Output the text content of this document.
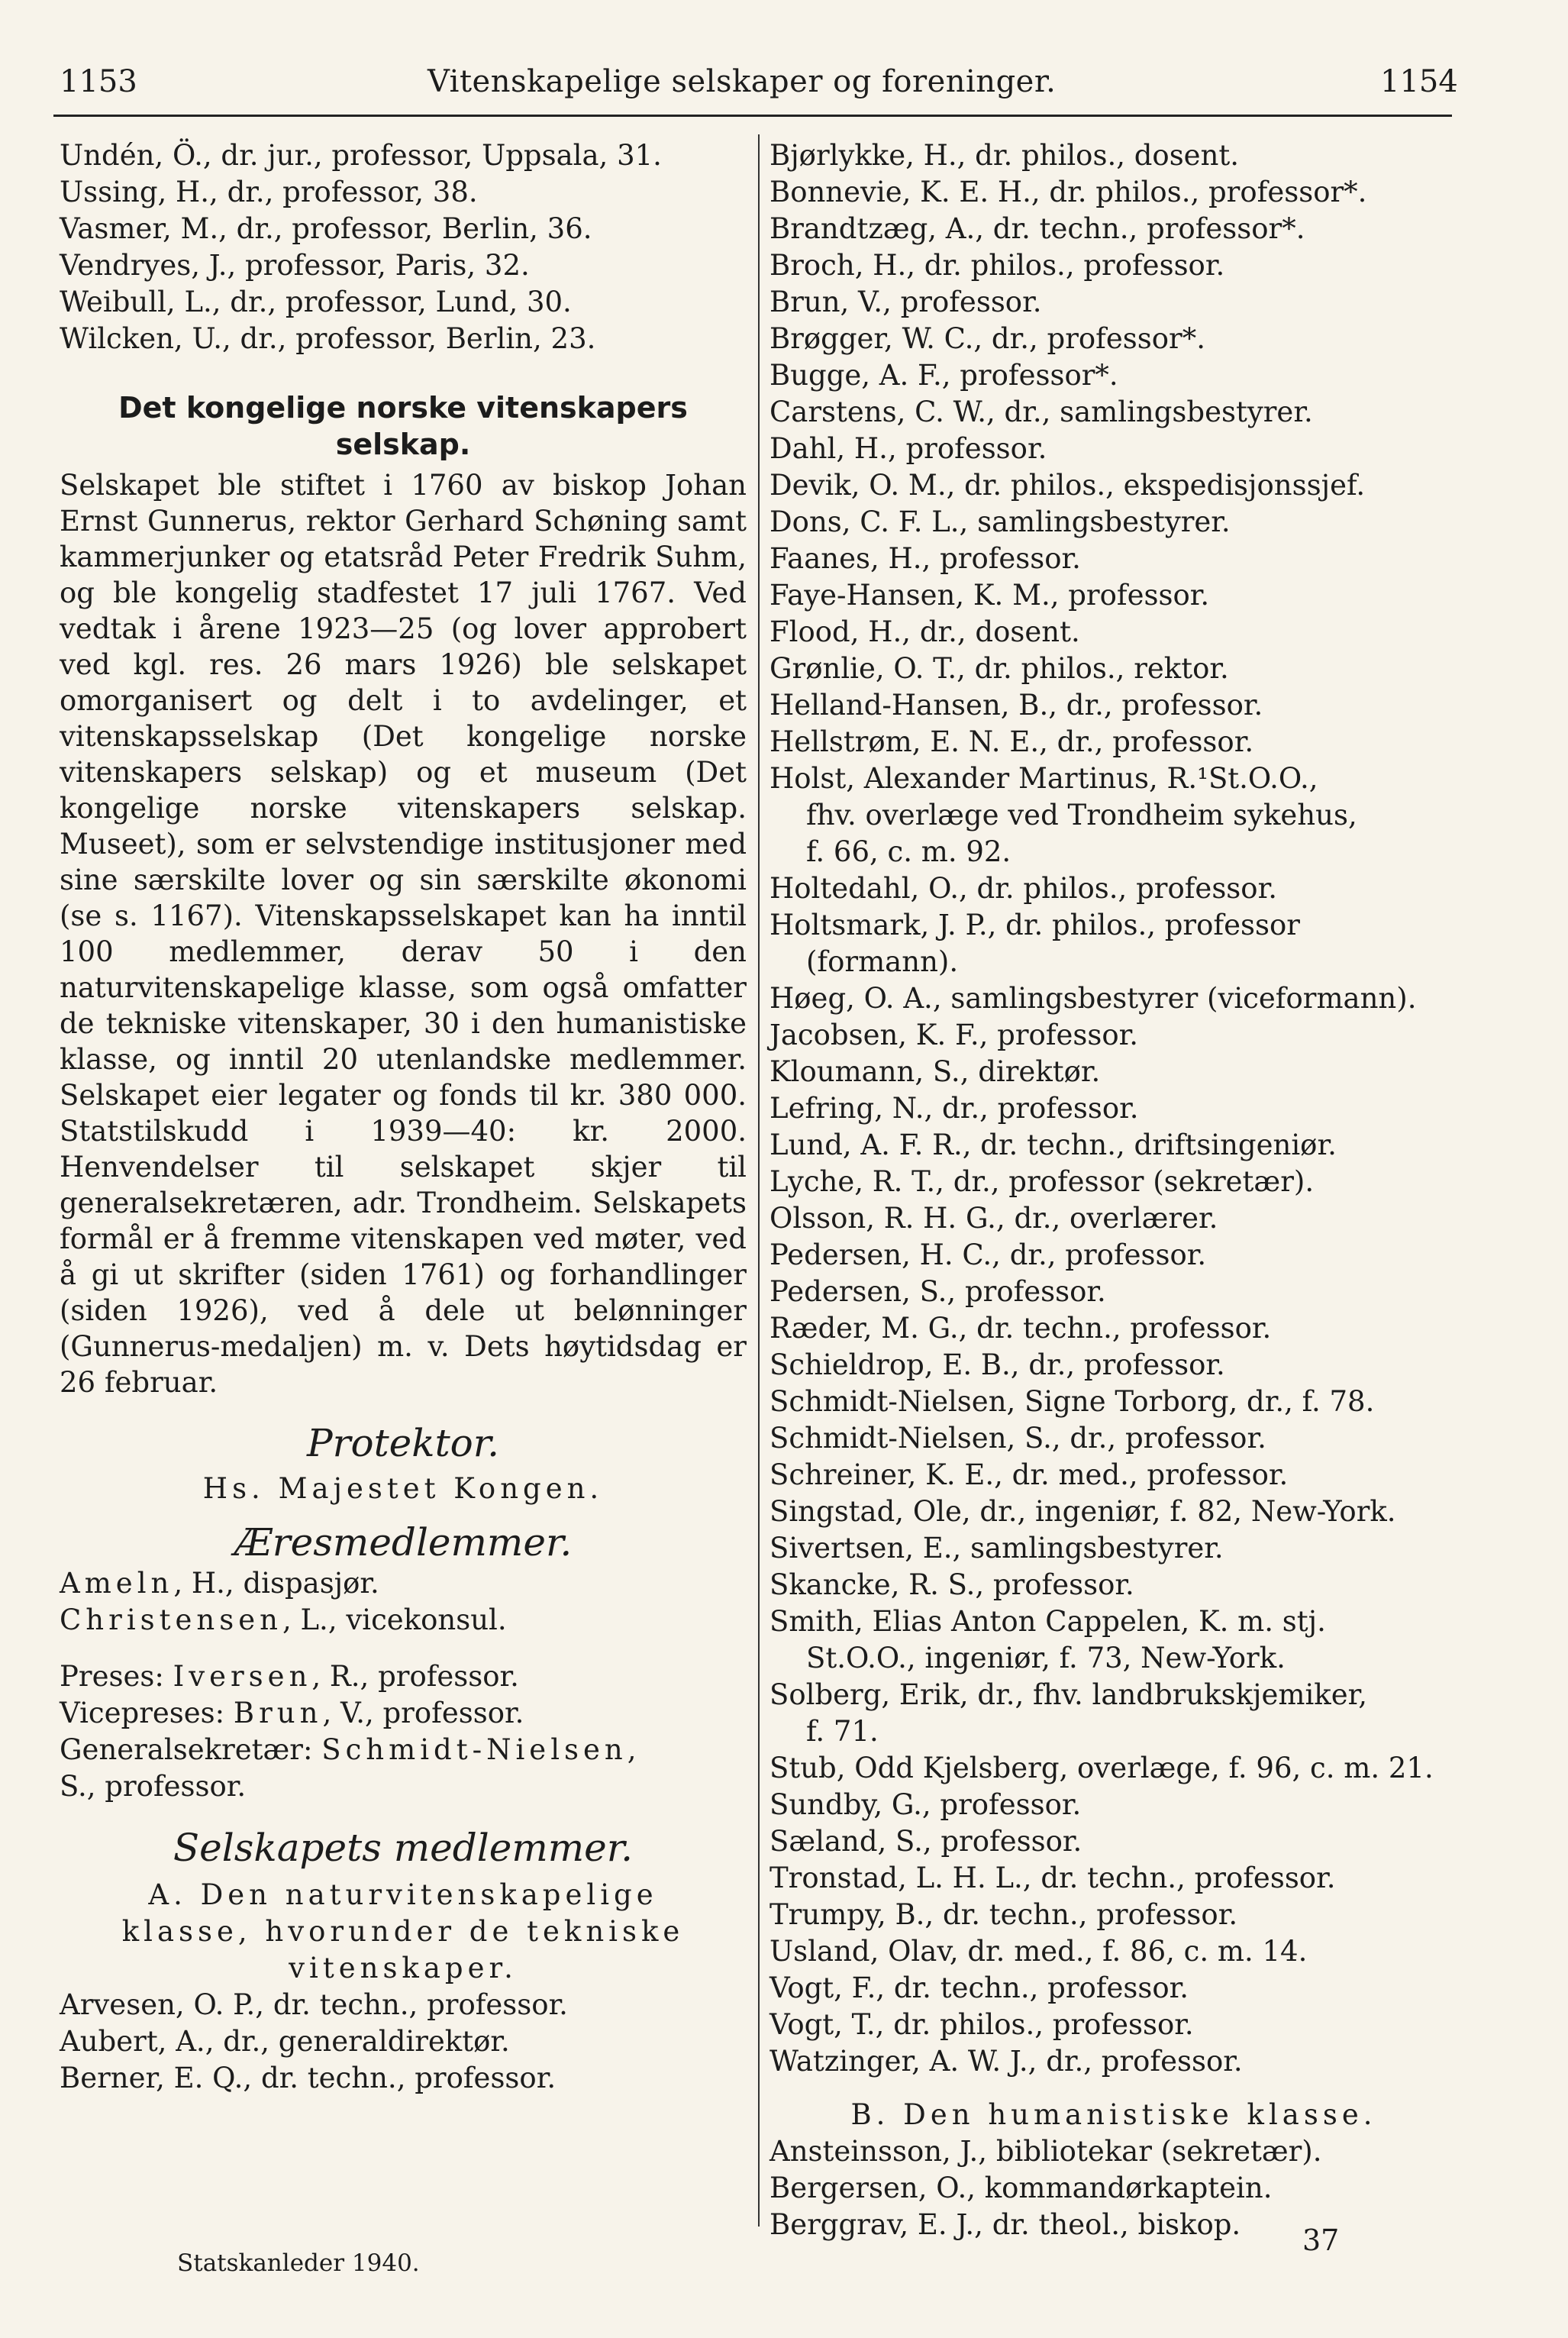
1153	Vitenskapelige selskaper og foreninger.	1154
Undén, Ö., dr. jur., professor, Uppsala, 31.
Ussing, H., dr., professor, 38.
Vasmer, M., dr., professor, Berlin, 36.
Vendryes, J., professor, Paris, 32.
Weibull, L., dr., professor, Lund, 30.
Wilcken, U., dr., professor, Berlin, 23.
Det kongelige norske vitenskapers selskap.
Selskapet ble stiftet i 1760 av biskop Johan Ernst Gunnerus, rektor Gerhard Schøning samt kammerjunker og etatsråd Peter Fredrik Suhm, og ble kongelig stadfestet 17 juli 1767. Ved vedtak i årene 1923—25 (og lover approbert ved kgl. res. 26 mars 1926) ble selskapet omorganisert og delt i to avdelinger, et vitenskapsselskap (Det kongelige norske vitenskapers selskap) og et museum (Det kongelige norske vitenskapers selskap. Museet), som er selvstendige institusjoner med sine særskilte lover og sin særskilte økonomi (se s. 1167). Vitenskapsselskapet kan ha inntil 100 medlemmer, derav 50 i den naturvitenskapelige klasse, som også omfatter de tekniske vitenskaper, 30 i den humanistiske klasse, og inntil 20 utenlandske medlemmer. Selskapet eier legater og fonds til kr. 380 000. Statstilskudd i 1939—40: kr. 2000. Henvendelser til selskapet skjer til generalsekretæren, adr. Trondheim. Selskapets formål er å fremme vitenskapen ved møter, ved å gi ut skrifter (siden 1761) og forhandlinger (siden 1926), ved å dele ut belønninger (Gunnerus-medaljen) m. v. Dets høytidsdag er 26 februar.
Protektor.
Hs. Majestet Kongen.
Æresmedlemmer.
Ameln, H., dispasjør.
Christensen, L., vicekonsul.
Preses: Iversen, R., professor.
Vicepreses: Brun, V., professor.
Generalsekretær: Schmidt-Nielsen,
S., professor.
Selskapets medlemmer.
A. Den naturvitenskapelige
klasse, hvorunder de tekniske
vitenskaper.
Arvesen, O. P., dr. techn., professor.
Aubert, A., dr., generaldirektør.
Berner, E. Q., dr. techn., professor.
Bjørlykke, H., dr. philos., dosent.
Bonnevie, K. E. H., dr. philos., professor*.
Brandtzæg, A., dr. techn., professor*.
Broch, H., dr. philos., professor.
Brun, V., professor.
Brøgger, W. C., dr., professor*.
Bugge, A. F., professor*.
Carstens, C. W., dr., samlingsbestyrer.
Dahl, H., professor.
Devik, O. M., dr. philos., ekspedisjonssjef.
Dons, C. F. L., samlingsbestyrer.
Faanes, H., professor.
Faye-Hansen, K. M., professor.
Flood, H., dr., dosent.
Grønlie, O. T., dr. philos., rektor.
Helland-Hansen, B., dr., professor.
Hellstrøm, E. N. E., dr., professor.
Holst, Alexander Martinus, R.¹St.O.O.,
fhv. overlæge ved Trondheim sykehus,
f. 66, c. m. 92.
Holtedahl, O., dr. philos., professor.
Holtsmark, J. P., dr. philos., professor
(formann).
Høeg, O. A., samlingsbestyrer (viceformann).
Jacobsen, K. F., professor.
Kloumann, S., direktør.
Lefring, N., dr., professor.
Lund, A. F. R., dr. techn., driftsingeniør.
Lyche, R. T., dr., professor (sekretær).
Olsson, R. H. G., dr., overlærer.
Pedersen, H. C., dr., professor.
Pedersen, S., professor.
Ræder, M. G., dr. techn., professor.
Schieldrop, E. B., dr., professor.
Schmidt-Nielsen, Signe Torborg, dr., f. 78.
Schmidt-Nielsen, S., dr., professor.
Schreiner, K. E., dr. med., professor.
Singstad, Ole, dr., ingeniør, f. 82, New-York.
Sivertsen, E., samlingsbestyrer.
Skancke, R. S., professor.
Smith, Elias Anton Cappelen, K. m. stj.
St.O.O., ingeniør, f. 73, New-York.
Solberg, Erik, dr., fhv. landbrukskjemiker,
f. 71.
Stub, Odd Kjelsberg, overlæge, f. 96, c. m. 21.
Sundby, G., professor.
Sæland, S., professor.
Tronstad, L. H. L., dr. techn., professor.
Trumpy, B., dr. techn., professor.
Usland, Olav, dr. med., f. 86, c. m. 14.
Vogt, F., dr. techn., professor.
Vogt, T., dr. philos., professor.
Watzinger, A. W. J., dr., professor.
B. Den humanistiske klasse.
Ansteinsson, J., bibliotekar (sekretær).
Bergersen, O., kommandørkaptein.
Berggrav, E. J., dr. theol., biskop.
Statskanleder 1940.
37
